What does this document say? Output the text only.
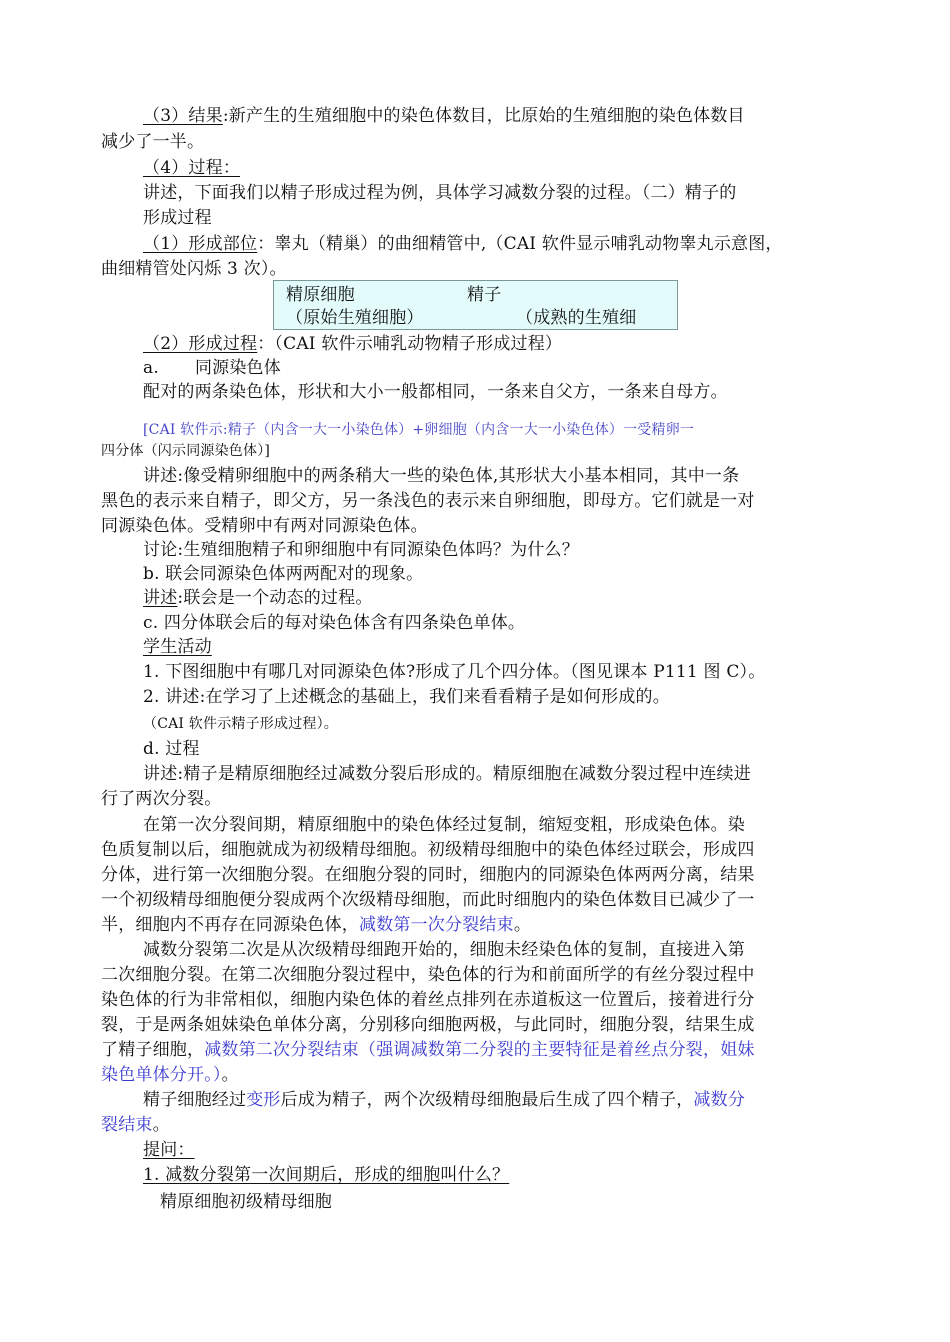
（3）结果:新产生的生殖细胞中的染色体数目，比原始的生殖细胞的染色体数目
减少了一半。
（4）过程：
讲述，下面我们以精子形成过程为例，具体学习减数分裂的过程。（二）精子的
形成过程
（1）形成部位：睾丸（精巢）的曲细精管中,（CAI 软件显示哺乳动物睾丸示意图，
曲细精管处闪烁 3 次）。
精原细胞	精子
（原始生殖细胞）	（成熟的生殖细
（2）形成过程：（CAI 软件示哺乳动物精子形成过程）
a. 同源染色体
配对的两条染色体，形状和大小一般都相同，一条来自父方，一条来自母方。
[CAI 软件示:精子（内含一大一小染色体）+卵细胞（内含一大一小染色体）一受精卵一
四分体（闪示同源染色体）]
讲述:像受精卵细胞中的两条稍大一些的染色体,其形状大小基本相同，其中一条
黑色的表示来自精子，即父方，另一条浅色的表示来自卵细胞，即母方。它们就是一对
同源染色体。受精卵中有两对同源染色体。
讨论:生殖细胞精子和卵细胞中有同源染色体吗？为什么？
b. 联会同源染色体两两配对的现象。
讲述:联会是一个动态的过程。
c. 四分体联会后的每对染色体含有四条染色单体。
学生活动
1. 下图细胞中有哪几对同源染色体?形成了几个四分体。（图见课本 P111 图 C）。
2. 讲述:在学习了上述概念的基础上，我们来看看精子是如何形成的。
（CAI 软件示精子形成过程）。
d. 过程
讲述:精子是精原细胞经过减数分裂后形成的。精原细胞在减数分裂过程中连续进
行了两次分裂。
在第一次分裂间期，精原细胞中的染色体经过复制，缩短变粗，形成染色体。染
色质复制以后，细胞就成为初级精母细胞。初级精母细胞中的染色体经过联会，形成四
分体，进行第一次细胞分裂。在细胞分裂的同时，细胞内的同源染色体两两分离，结果
一个初级精母细胞便分裂成两个次级精母细胞，而此时细胞内的染色体数目已减少了一
半，细胞内不再存在同源染色体，减数第一次分裂结束。
减数分裂第二次是从次级精母细跑开始的，细胞未经染色体的复制，直接进入第
二次细胞分裂。在第二次细胞分裂过程中，染色体的行为和前面所学的有丝分裂过程中
染色体的行为非常相似，细胞内染色体的着丝点排列在赤道板这一位置后，接着进行分
裂，于是两条姐妹染色单体分离，分别移向细胞两极，与此同时，细胞分裂，结果生成
了精子细胞，减数第二次分裂结束（强调减数第二分裂的主要特征是着丝点分裂，姐妹
染色单体分开。）。
精子细胞经过变形后成为精子，两个次级精母细胞最后生成了四个精子，减数分
裂结束。
提问：
1. 减数分裂第一次间期后，形成的细胞叫什么？
精原细胞初级精母细胞
